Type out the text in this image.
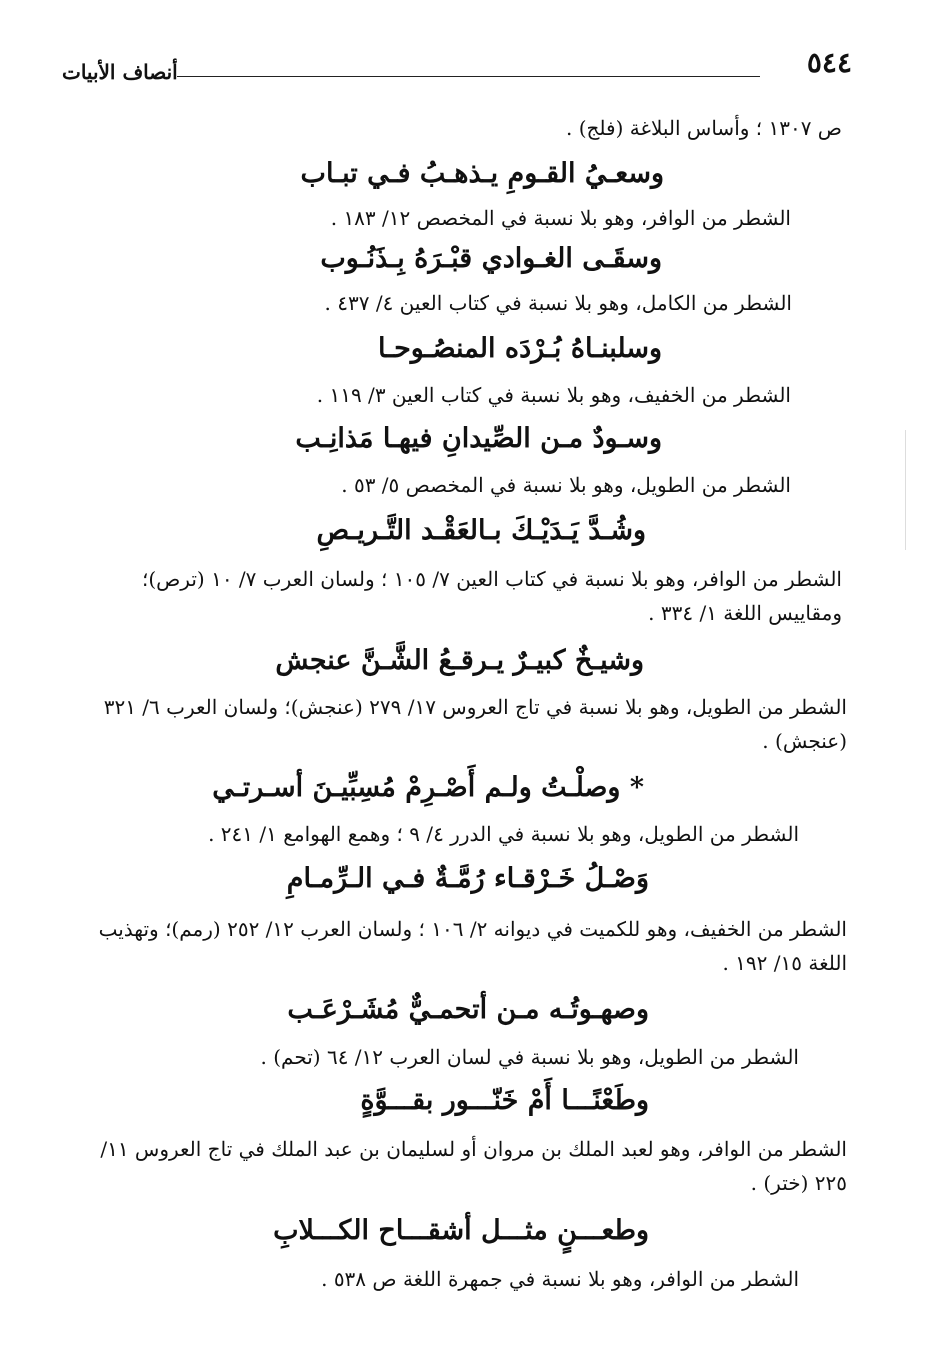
٥٤٤
أنصاف الأبيات
ص ١٣٠٧ ؛ وأساس البلاغة (فلج) .
وسعـيُ القـومِ يـذهـبُ فـي تبـاب
الشطر من الوافر، وهو بلا نسبة في المخصص ١٢/ ١٨٣ .
وسقَـى الغـوادي قبْـرَهُ بِـذَنُـوب
الشطر من الكامل، وهو بلا نسبة في كتاب العين ٤/ ٤٣٧ .
وسلبنـاهُ بُـرْدَه المنصُـوحـا
الشطر من الخفيف، وهو بلا نسبة في كتاب العين ٣/ ١١٩ .
وسـودٌ مـن الصِّيدانِ فيهـا مَذانِـب
الشطر من الطويل، وهو بلا نسبة في المخصص ٥/ ٥٣ .
وشُـدَّ يَـدَيْـكَ بـالعَقْـد التَّـريـصِ
الشطر من الوافر، وهو بلا نسبة في كتاب العين ٧/ ١٠٥ ؛ ولسان العرب ٧/ ١٠ (ترص)؛ ومقاييس اللغة ١/ ٣٣٤ .
وشيـخٌ كبيـرٌ يـرقـعُ الشَّـنَّ عنجش
الشطر من الطويل، وهو بلا نسبة في تاج العروس ١٧/ ٢٧٩ (عنجش)؛ ولسان العرب ٦/ ٣٢١ (عنجش) .
* وصلْـتُ ولـم أَصْـرِمْ مُسِبِّيـنَ أسـرتـي
الشطر من الطويل، وهو بلا نسبة في الدرر ٤/ ٩ ؛ وهمع الهوامع ١/ ٢٤١ .
وَصْـلُ خَـرْقـاء رُمَّـةٌ فـي الـرِّمـامِ
الشطر من الخفيف، وهو للكميت في ديوانه ٢/ ١٠٦ ؛ ولسان العرب ١٢/ ٢٥٢ (رمم)؛ وتهذيب اللغة ١٥/ ١٩٢ .
وصهـوتُـه مـن أتحمـيٌّ مُشَـرْعَـب
الشطر من الطويل، وهو بلا نسبة في لسان العرب ١٢/ ٦٤ (تحم) .
وطَعْنًـــا أَمْ خَنّـــور بقـــوَّةٍ
الشطر من الوافر، وهو لعبد الملك بن مروان أو لسليمان بن عبد الملك في تاج العروس ١١/ ٢٢٥ (ختر) .
وطعـــنٍ مثـــل أشقـــاح الكـــلابِ
الشطر من الوافر، وهو بلا نسبة في جمهرة اللغة ص ٥٣٨ .
